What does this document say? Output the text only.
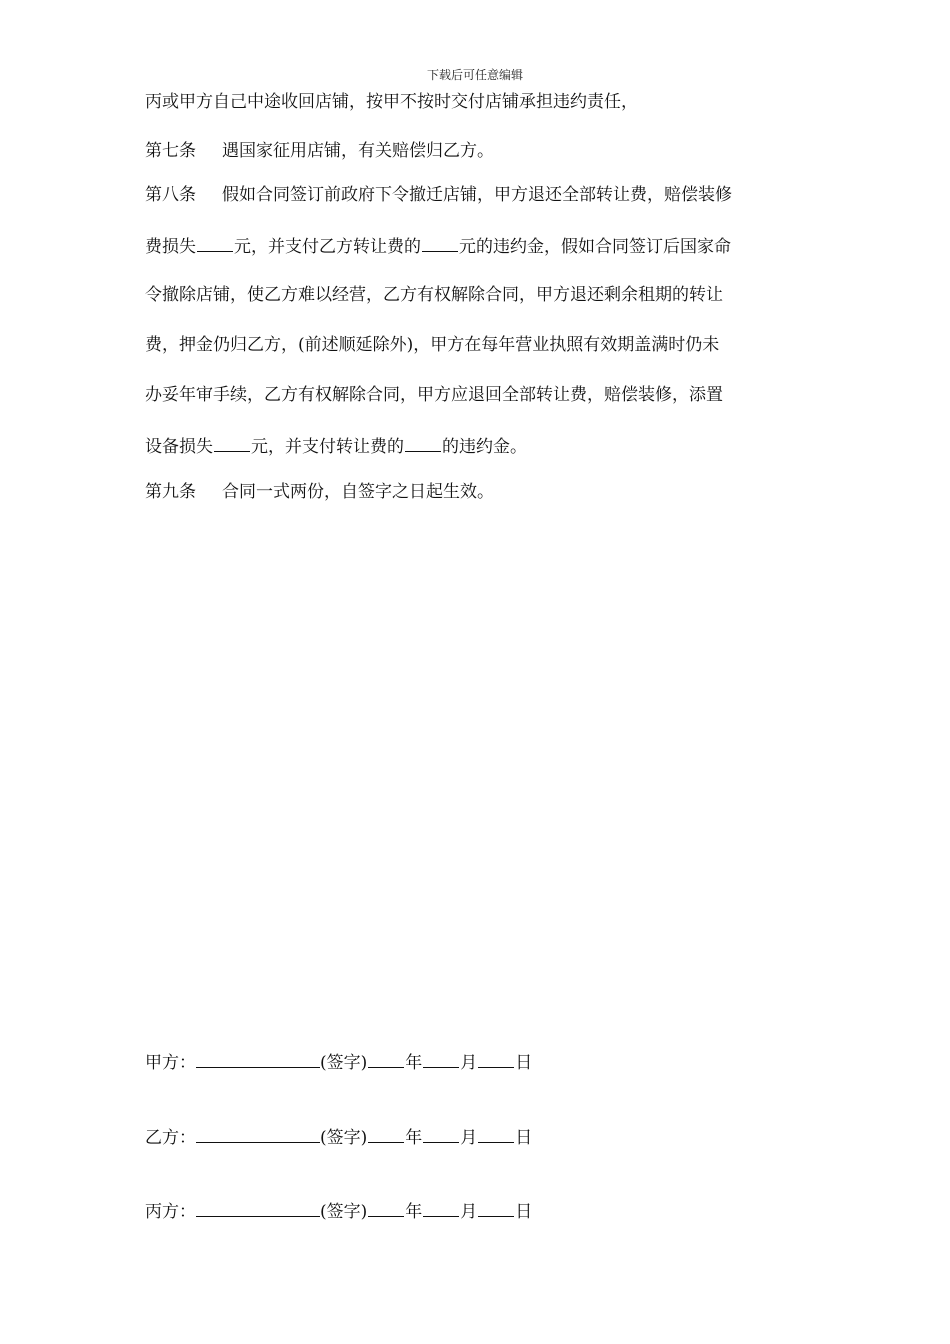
下载后可任意编辑
丙或甲方自己中途收回店铺，按甲不按时交付店铺承担违约责任，
第七条 遇国家征用店铺，有关赔偿归乙方。
第八条 假如合同签订前政府下令撤迁店铺，甲方退还全部转让费，赔偿装修
费损失 元，并支付乙方转让费的 元的违约金，假如合同签订后国家命
令撤除店铺，使乙方难以经营，乙方有权解除合同，甲方退还剩余租期的转让
费，押金仍归乙方，(前述顺延除外)，甲方在每年营业执照有效期盖满时仍未
办妥年审手续，乙方有权解除合同，甲方应退回全部转让费，赔偿装修，添置
设备损失 元，并支付转让费的 的违约金。
第九条 合同一式两份，自签字之日起生效。
甲方：	(签字) 年 月 日
乙方：	(签字) 年 月 日
丙方：	(签字) 年 月 日
